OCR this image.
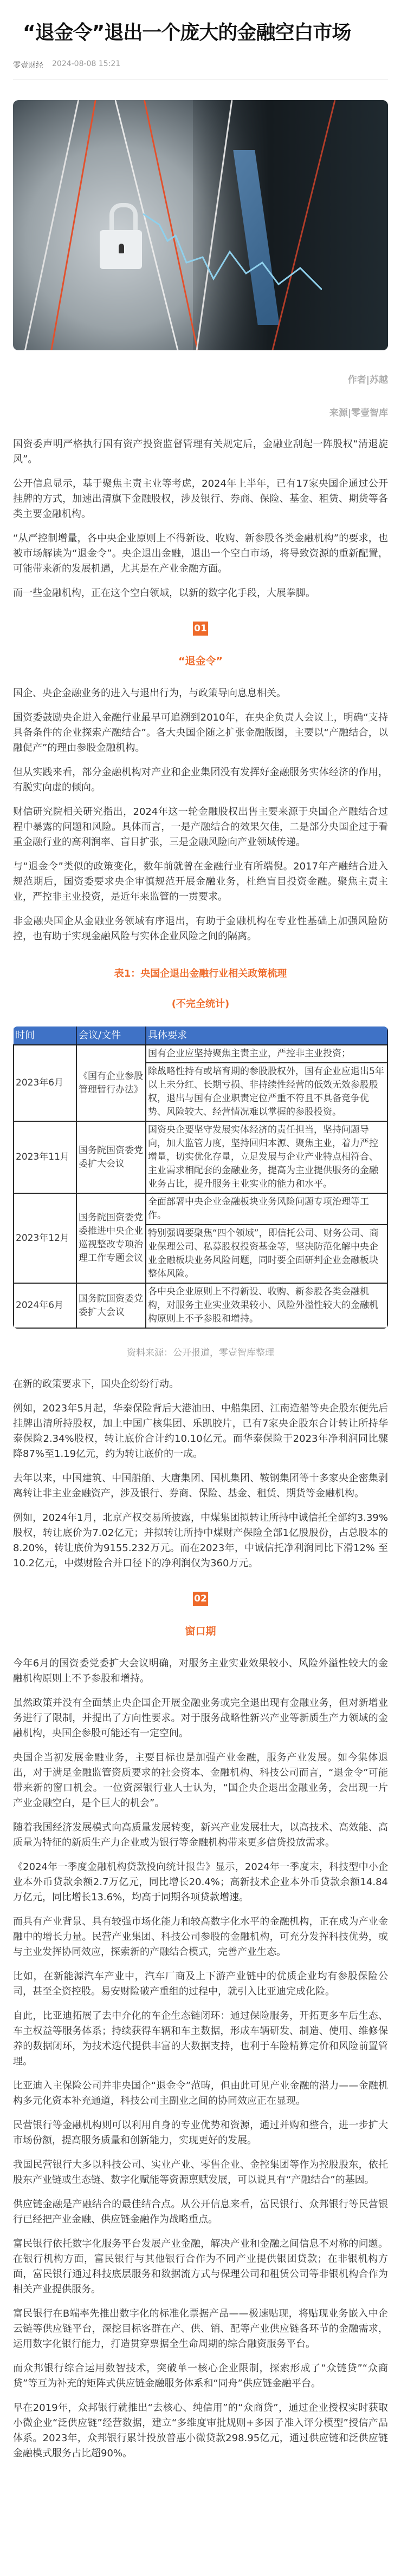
“退金令”退出一个庞大的金融空白市场
零壹财经 2024-08-08 15:21
作者|苏越
来源|零壹智库

国资委声明严格执行国有资产投资监督管理有关规定后，金融业刮起一阵股权“清退旋风”。

公开信息显示，基于聚焦主责主业等考虑，2024年上半年，已有17家央国企通过公开挂牌的方式，加速出清旗下金融股权，涉及银行、券商、保险、基金、租赁、期货等各类主要金融机构。

“从严控制增量，各中央企业原则上不得新设、收购、新参股各类金融机构”的要求，也被市场解读为“退金令”。央企退出金融，退出一个空白市场，将导致资源的重新配置，可能带来新的发展机遇，尤其是在产业金融方面。

而一些金融机构，正在这个空白领域，以新的数字化手段，大展拳脚。

01
“退金令”

国企、央企金融业务的进入与退出行为，与政策导向息息相关。

国资委鼓励央企进入金融行业最早可追溯到2010年，在央企负责人会议上，明确“支持具备条件的企业探索产融结合”。各大央国企随之扩张金融版图，主要以“产融结合，以融促产”的理由参股金融机构。

但从实践来看，部分金融机构对产业和企业集团没有发挥好金融服务实体经济的作用，有脱实向虚的倾向。

财信研究院相关研究指出，2024年这一轮金融股权出售主要来源于央国企产融结合过程中暴露的问题和风险。具体而言，一是产融结合的效果欠佳，二是部分央国企过于看重金融行业的高利润率、盲目扩张，三是金融风险向产业领域传递。

与“退金令”类似的政策变化，数年前就曾在金融行业有所端倪。2017年产融结合进入规范期后，国资委要求央企审慎规范开展金融业务，杜绝盲目投资金融。聚焦主责主业，严控非主业投资，是近年来监管的一贯要求。

非金融央国企从金融业务领域有序退出，有助于金融机构在专业性基础上加强风险防控，也有助于实现金融风险与实体企业风险之间的隔离。

表1：央国企退出金融行业相关政策梳理
(不完全统计)
时间	会议/文件	具体要求
2023年6月	《国有企业参股管理暂行办法》	国有企业应坚持聚焦主责主业，严控非主业投资；
		除战略性持有或培育期的参股股权外，国有企业应退出5年以上未分红、长期亏损、非持续性经营的低效无效参股股权，退出与国有企业职责定位严重不符且不具备竞争优势、风险较大、经营情况难以掌握的参股投资。
2023年11月	国务院国资委党委扩大会议	国资央企要坚守发展实体经济的责任担当，坚持问题导向，加大监管力度，坚持回归本源、聚焦主业，着力严控增量，切实优化存量，立足发展与企业产业特点相符合、主业需求相配套的金融业务，提高为主业提供服务的金融业务占比，提升服务主业实业的能力和水平。
2023年12月	国务院国资委党委推进中央企业巡视整改专项治理工作专题会议	全面部署中央企业金融板块业务风险问题专项治理等工作。
		特别强调要聚焦“四个领域”，即信托公司、财务公司、商业保理公司、私募股权投资基金等，坚决防范化解中央企业金融板块业务风险问题，同时要全面研判企业金融板块整体风险。
2024年6月	国务院国资委党委扩大会议	各中央企业原则上不得新设、收购、新参股各类金融机构，对服务主业实业效果较小、风险外溢性较大的金融机构原则上不予参股和增持。
资料来源：公开报道，零壹智库整理

在新的政策要求下，国央企纷纷行动。

例如，2023年5月起，华泰保险背后大港油田、中船集团、江南造船等央企股东便先后挂牌出清所持股权，加上中国广核集团、乐凯胶片，已有7家央企股东合计转让所持华泰保险2.34%股权，转让底价合计约10.10亿元。而华泰保险于2023年净利润同比骤降87%至1.19亿元，约为转让底价的一成。

去年以来，中国建筑、中国船舶、大唐集团、国机集团、鞍钢集团等十多家央企密集剥离转让非主业金融资产，涉及银行、券商、保险、基金、租赁、期货等金融机构。

例如，2024年1月，北京产权交易所披露，中煤集团拟转让所持中诚信托全部约3.39%股权，转让底价为7.02亿元；并拟转让所持中煤财产保险全部1亿股股份，占总股本的8.20%，转让底价为9155.232万元。而在2023年，中诚信托净利润同比下滑12% 至10.2亿元，中煤财险合并口径下的净利润仅为360万元。

02
窗口期

今年6月的国资委党委扩大会议明确，对服务主业实业效果较小、风险外溢性较大的金融机构原则上不予参股和增持。

虽然政策并没有全面禁止央企国企开展金融业务或完全退出现有金融业务，但对新增业务进行了限制，并提出了方向性要求。对于服务战略性新兴产业等新质生产力领域的金融机构，央国企参股可能还有一定空间。

央国企当初发展金融业务，主要目标也是加强产业金融，服务产业发展。如今集体退出，对于满足金融监管资质要求的社会资本、金融机构、科技公司而言，“退金令”可能带来新的窗口机会。一位资深银行业人士认为，“国企央企退出金融业务，会出现一片产业金融空白，是个巨大的机会”。

随着我国经济发展模式向高质量发展转变，新兴产业发展壮大，以高技术、高效能、高质量为特征的新质生产力企业或为银行等金融机构带来更多信贷投放需求。

《2024年一季度金融机构贷款投向统计报告》显示，2024年一季度末，科技型中小企业本外币贷款余额2.7万亿元，同比增长20.4%；高新技术企业本外币贷款余额14.84万亿元，同比增长13.6%，均高于同期各项贷款增速。

而具有产业背景、具有较强市场化能力和较高数字化水平的金融机构，正在成为产业金融中的增长力量。民营产业集团、科技公司参股的金融机构，可充分发挥科技优势，或与主业发挥协同效应，探索新的产融结合模式，完善产业生态。

比如，在新能源汽车产业中，汽车厂商及上下游产业链中的优质企业均有参股保险公司，甚至全资控股。易安财险破产重组的过程中，就引入比亚迪完成化险。

自此，比亚迪拓展了去中介化的车企生态链闭环：通过保险服务，开拓更多车后生态、车主权益等服务体系；持续获得车辆和车主数据，形成车辆研发、制造、使用、维修保养的数据闭环，为技术迭代提供丰富的大数据支持，也利于车险精算定价和风险前置管理。

比亚迪入主保险公司并非央国企“退金令”范畴，但由此可见产业金融的潜力——金融机构多元化资本补充通道，科技公司主副业之间的协同效应正在显现。

民营银行等金融机构则可以利用自身的专业优势和资源，通过并购和整合，进一步扩大市场份额，提高服务质量和创新能力，实现更好的发展。

我国民营银行大多以科技公司、实业产业、零售企业、金控集团等作为控股股东，依托股东产业链或生态链、数字化赋能等资源禀赋发展，可以说具有“产融结合”的基因。

供应链金融是产融结合的最佳结合点。从公开信息来看，富民银行、众邦银行等民营银行已经把产业金融、供应链金融作为战略重点。

富民银行依托数字化服务平台发展产业金融，解决产业和金融之间信息不对称的问题。在银行机构方面，富民银行与其他银行合作为不同产业提供银团贷款；在非银机构方面，富民银行通过科技底层服务和数据流方式与保理公司和租赁公司等非银机构合作为相关产业提供服务。

富民银行在B端率先推出数字化的标准化票据产品——极速贴现，将贴现业务嵌入中企云链等供应链平台，深挖目标客群在产、供、销、配等产业供应链各环节的金融需求，运用数字化银行能力，打造贯穿票据全生命周期的综合融资服务平台。

而众邦银行综合运用数智技术，突破单一核心企业限制，探索形成了“众链贷”“众商贷”等互为补充的矩阵式供应链金融服务体系和“同舟”供应链金融平台。

早在2019年，众邦银行就推出“去核心、纯信用”的“众商贷”，通过企业授权实时获取小微企业“泛供应链”经营数据，建立“多维度审批规则+多因子准入评分模型”授信产品体系。2023年，众邦银行累计投放普惠小微贷款298.95亿元，通过供应链和泛供应链金融模式服务占比超90%。
